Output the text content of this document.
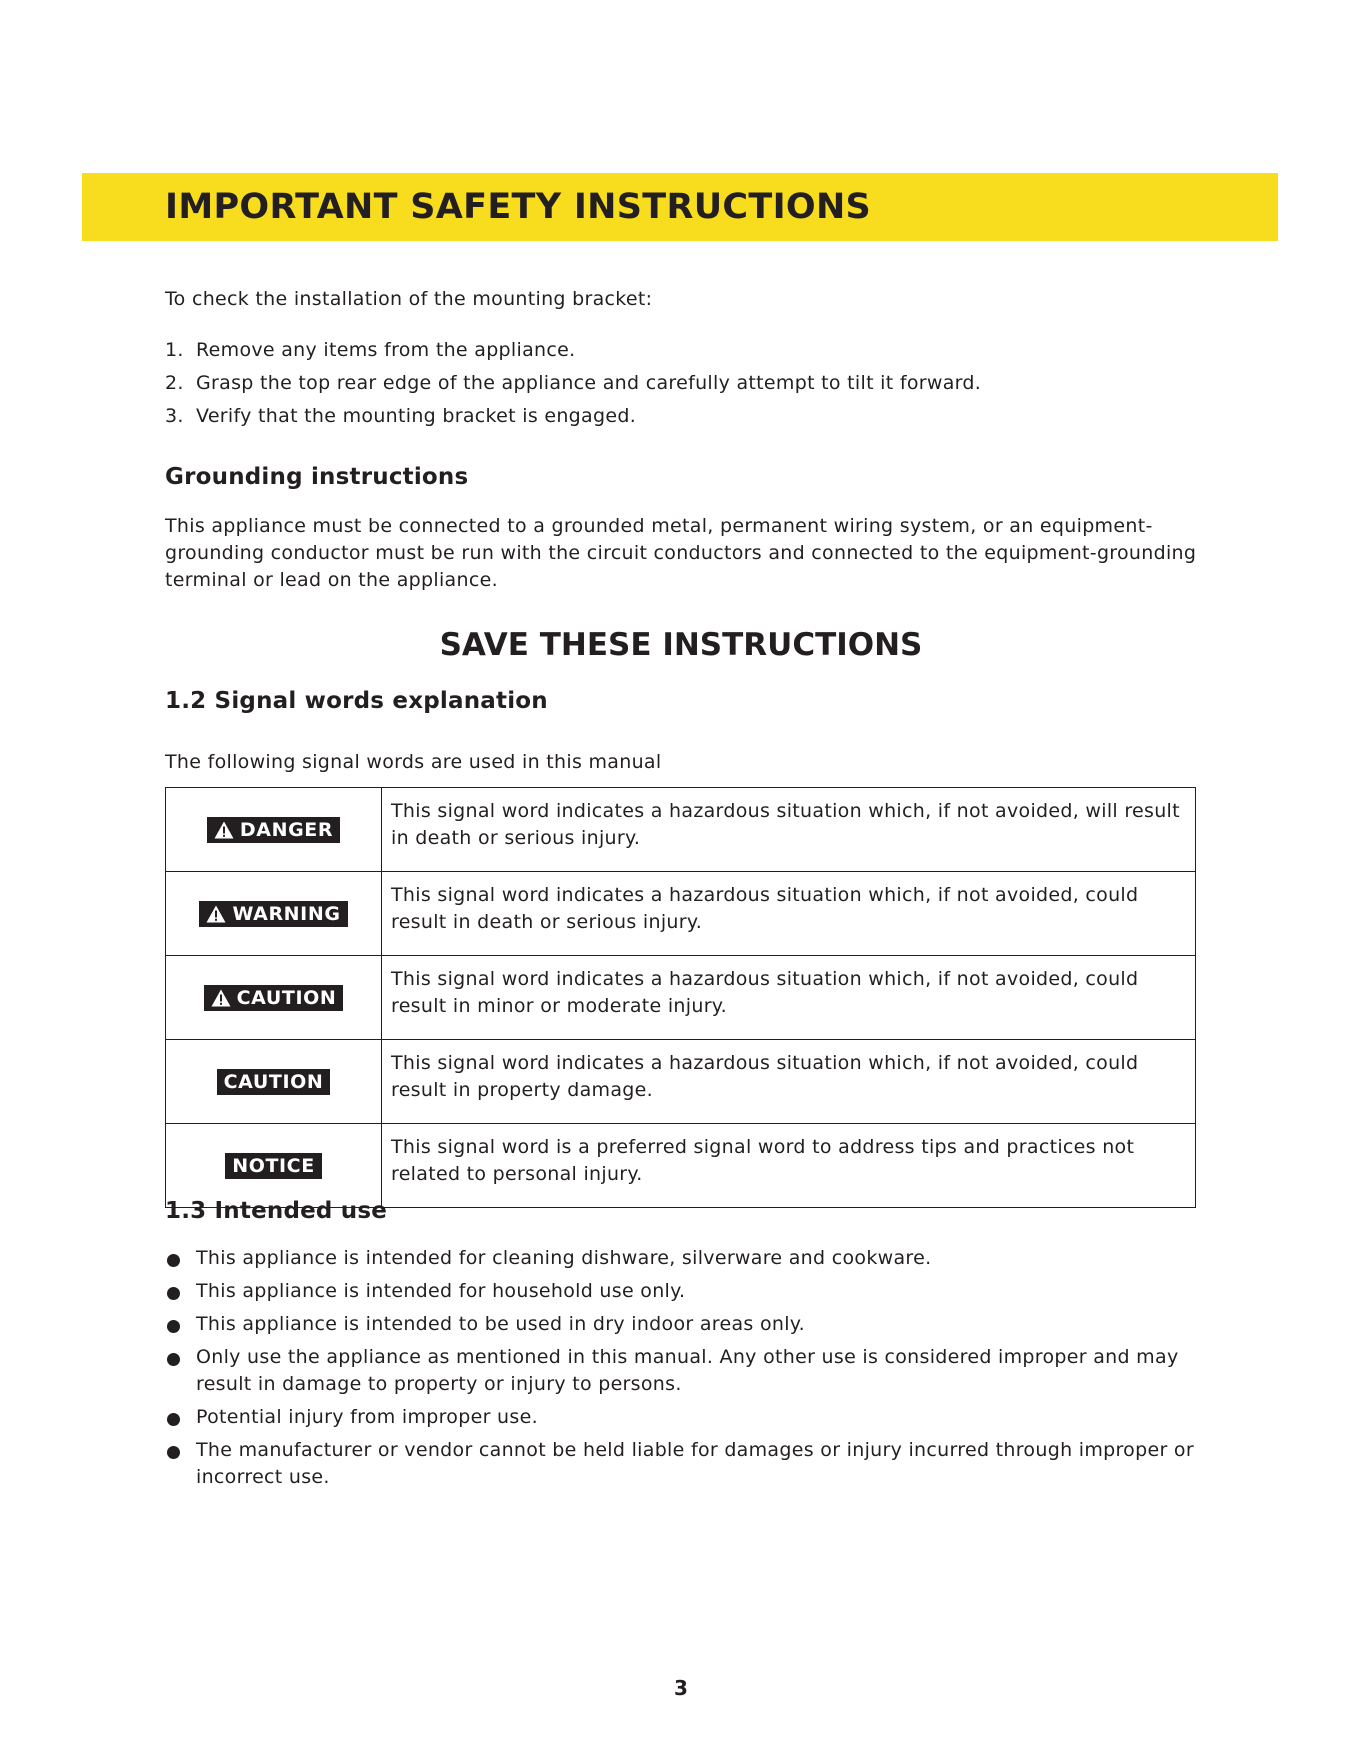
IMPORTANT SAFETY INSTRUCTIONS
To check the installation of the mounting bracket:
1. Remove any items from the appliance.
2. Grasp the top rear edge of the appliance and carefully attempt to tilt it forward.
3. Verify that the mounting bracket is engaged.
Grounding instructions
This appliance must be connected to a grounded metal, permanent wiring system, or an equipment-grounding conductor must be run with the circuit conductors and connected to the equipment-grounding terminal or lead on the appliance.
SAVE THESE INSTRUCTIONS
1.2 Signal words explanation
The following signal words are used in this manual
DANGER	This signal word indicates a hazardous situation which, if not avoided, will result in death or serious injury.
WARNING	This signal word indicates a hazardous situation which, if not avoided, could result in death or serious injury.
CAUTION	This signal word indicates a hazardous situation which, if not avoided, could result in minor or moderate injury.
CAUTION	This signal word indicates a hazardous situation which, if not avoided, could result in property damage.
NOTICE	This signal word is a preferred signal word to address tips and practices not related to personal injury.
1.3 Intended use
This appliance is intended for cleaning dishware, silverware and cookware.
This appliance is intended for household use only.
This appliance is intended to be used in dry indoor areas only.
Only use the appliance as mentioned in this manual. Any other use is considered improper and may result in damage to property or injury to persons.
Potential injury from improper use.
The manufacturer or vendor cannot be held liable for damages or injury incurred through improper or incorrect use.
3
